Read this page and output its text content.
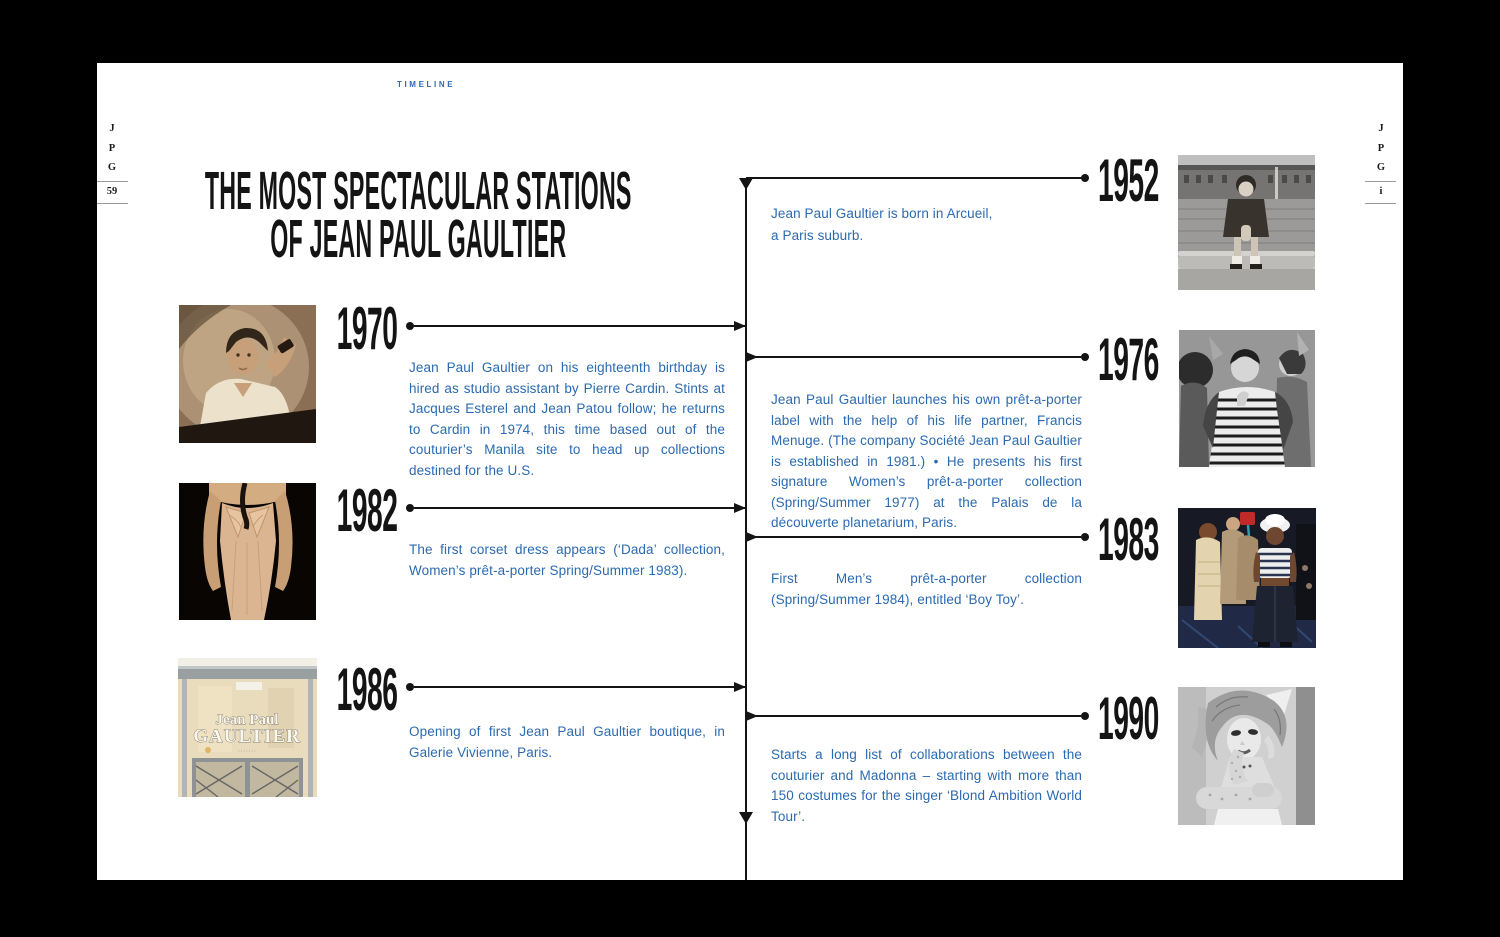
TIMELINE
J
P
G
59
J
P
G
i
THE MOST SPECTACULAR STATIONS
OF JEAN PAUL GAULTIER
1952
Jean Paul Gaultier is born in Arcueil,
a Paris suburb.
1970
Jean Paul Gaultier on his eighteenth birthday is hired as studio assistant by Pierre Cardin. Stints at Jacques Esterel and Jean Patou follow; he returns to Cardin in 1974, this time based out of the couturier’s Manila site to head up collections destined for the U.S.
1976
Jean Paul Gaultier launches his own prêt-a-porter label with the help of his life partner, Francis Menuge. (The company Société Jean Paul Gaultier is established in 1981.) • He presents his first signature Women’s prêt-a-porter collection (Spring/Summer 1977) at the Palais de la découverte planetarium, Paris.
1982
The first corset dress appears (‘Dada’ collection, Women’s prêt-a-porter Spring/Summer 1983).	1983
First Men’s prêt-a-porter collection (Spring/Summer 1984), entitled ‘Boy Toy’.
1986
Opening of first Jean Paul Gaultier boutique, in Galerie Vivienne, Paris.
Jean Paul
GAULTIER
·······	1990
Starts a long list of collaborations between the couturier and Madonna – starting with more than 150 costumes for the singer ‘Blond Ambition World Tour’.
